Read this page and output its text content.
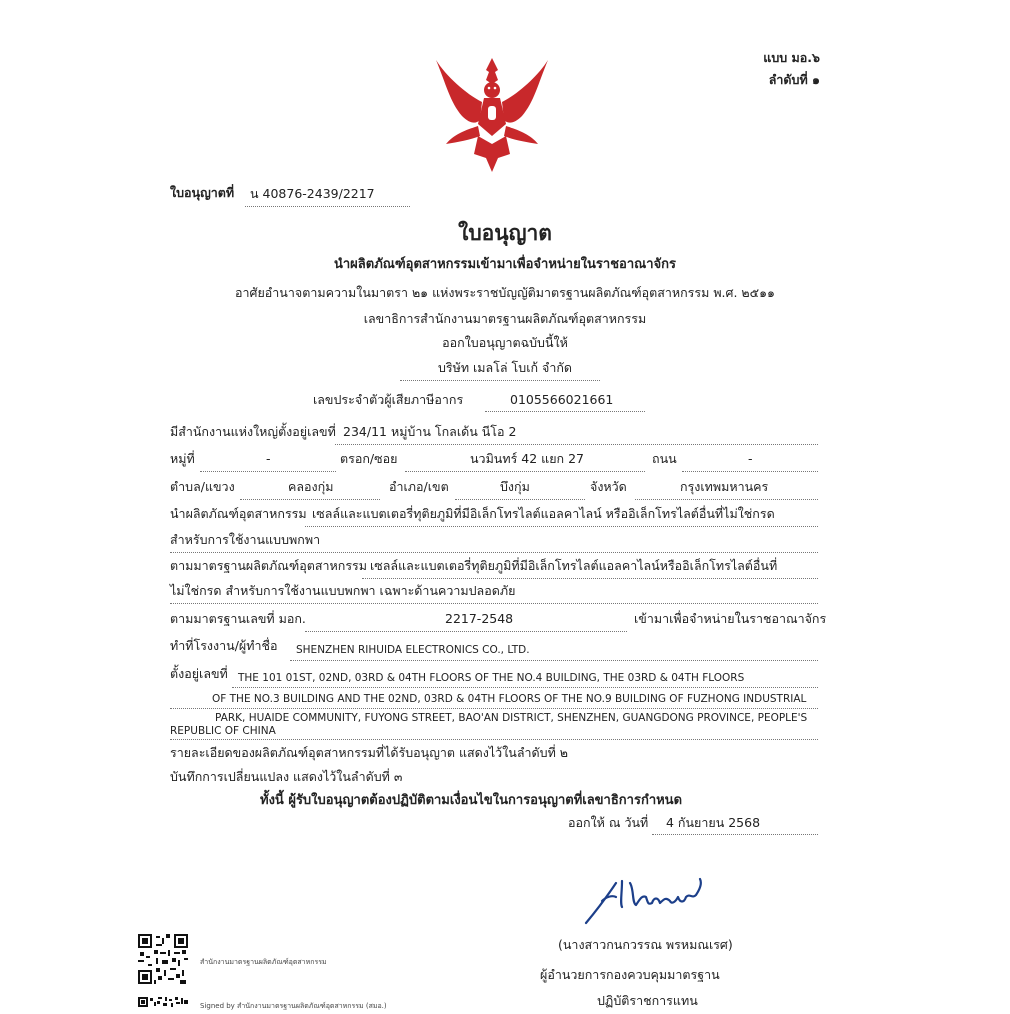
แบบ มอ.๖
ลำดับที่ ๑
ใบอนุญาตที่ น 40876-2439/2217
ใบอนุญาต
นำผลิตภัณฑ์อุตสาหกรรมเข้ามาเพื่อจำหน่ายในราชอาณาจักร
อาศัยอำนาจตามความในมาตรา ๒๑ แห่งพระราชบัญญัติมาตรฐานผลิตภัณฑ์อุตสาหกรรม พ.ศ. ๒๕๑๑
เลขาธิการสำนักงานมาตรฐานผลิตภัณฑ์อุตสาหกรรม
ออกใบอนุญาตฉบับนี้ให้
บริษัท เมลโล่ โบเก้ จำกัด
เลขประจำตัวผู้เสียภาษีอากร	0105566021661
มีสำนักงานแห่งใหญ่ตั้งอยู่เลขที่ 234/11 หมู่บ้าน โกลเด้น นีโอ 2
หมู่ที่	-	ตรอก/ซอย	นวมินทร์ 42 แยก 27	ถนน	-
ตำบล/แขวง	คลองกุ่ม	อำเภอ/เขต	บึงกุ่ม	จังหวัด	กรุงเทพมหานคร
นำผลิตภัณฑ์อุตสาหกรรม เซลล์และแบตเตอรี่ทุติยภูมิที่มีอิเล็กโทรไลต์แอลคาไลน์ หรืออิเล็กโทรไลต์อื่นที่ไม่ใช่กรด
สำหรับการใช้งานแบบพกพา
ตามมาตรฐานผลิตภัณฑ์อุตสาหกรรม เซลล์และแบตเตอรี่ทุติยภูมิที่มีอิเล็กโทรไลต์แอลคาไลน์หรืออิเล็กโทรไลต์อื่นที่
ไม่ใช่กรด สำหรับการใช้งานแบบพกพา เฉพาะด้านความปลอดภัย
ตามมาตรฐานเลขที่ มอก.	2217-2548	เข้ามาเพื่อจำหน่ายในราชอาณาจักร
ทำที่โรงงาน/ผู้ทำชื่อ SHENZHEN RIHUIDA ELECTRONICS CO., LTD.
ตั้งอยู่เลขที่ THE 101 01ST, 02ND, 03RD & 04TH FLOORS OF THE NO.4 BUILDING, THE 03RD & 04TH FLOORS
OF THE NO.3 BUILDING AND THE 02ND, 03RD & 04TH FLOORS OF THE NO.9 BUILDING OF FUZHONG INDUSTRIAL
PARK, HUAIDE COMMUNITY, FUYONG STREET, BAO'AN DISTRICT, SHENZHEN, GUANGDONG PROVINCE, PEOPLE'S
REPUBLIC OF CHINA
รายละเอียดของผลิตภัณฑ์อุตสาหกรรมที่ได้รับอนุญาต แสดงไว้ในลำดับที่ ๒
บันทึกการเปลี่ยนแปลง แสดงไว้ในลำดับที่ ๓
ทั้งนี้ ผู้รับใบอนุญาตต้องปฏิบัติตามเงื่อนไขในการอนุญาตที่เลขาธิการกำหนด
ออกให้ ณ วันที่ 4 กันยายน 2568
(นางสาวกนกวรรณ พรหมณเรศ)
ผู้อำนวยการกองควบคุมมาตรฐาน
ปฏิบัติราชการแทน
สำนักงานมาตรฐานผลิตภัณฑ์อุตสาหกรรม
Signed by สำนักงานมาตรฐานผลิตภัณฑ์อุตสาหกรรม (สมอ.)
